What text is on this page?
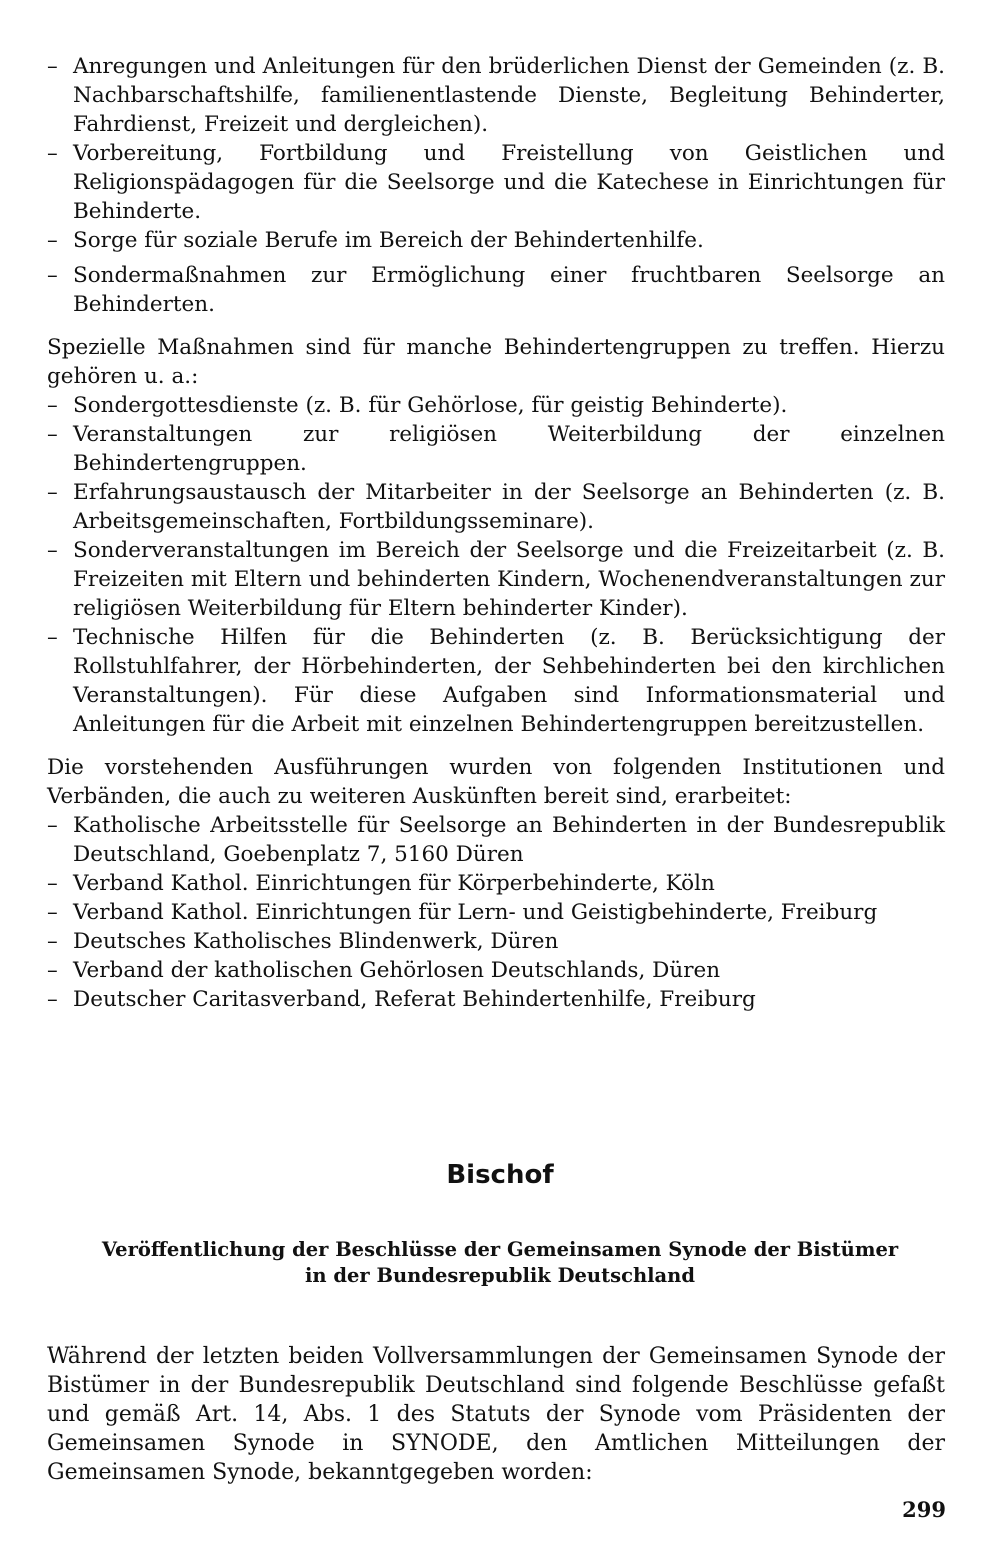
– Anregungen und Anleitungen für den brüderlichen Dienst der Gemeinden (z. B. Nachbarschaftshilfe, familienentlastende Dienste, Begleitung Behinderter, Fahrdienst, Freizeit und dergleichen).
– Vorbereitung, Fortbildung und Freistellung von Geistlichen und Religionspädagogen für die Seelsorge und die Katechese in Einrichtungen für Behinderte.
– Sorge für soziale Berufe im Bereich der Behindertenhilfe.
– Sondermaßnahmen zur Ermöglichung einer fruchtbaren Seelsorge an Behinderten.

Spezielle Maßnahmen sind für manche Behindertengruppen zu treffen. Hierzu gehören u. a.:

– Sondergottesdienste (z. B. für Gehörlose, für geistig Behinderte).
– Veranstaltungen zur religiösen Weiterbildung der einzelnen Behindertengruppen.
– Erfahrungsaustausch der Mitarbeiter in der Seelsorge an Behinderten (z. B. Arbeitsgemeinschaften, Fortbildungsseminare).
– Sonderveranstaltungen im Bereich der Seelsorge und die Freizeitarbeit (z. B. Freizeiten mit Eltern und behinderten Kindern, Wochenendveranstaltungen zur religiösen Weiterbildung für Eltern behinderter Kinder).
– Technische Hilfen für die Behinderten (z. B. Berücksichtigung der Rollstuhlfahrer, der Hörbehinderten, der Sehbehinderten bei den kirchlichen Veranstaltungen). Für diese Aufgaben sind Informationsmaterial und Anleitungen für die Arbeit mit einzelnen Behindertengruppen bereitzustellen.

Die vorstehenden Ausführungen wurden von folgenden Institutionen und Verbänden, die auch zu weiteren Auskünften bereit sind, erarbeitet:

– Katholische Arbeitsstelle für Seelsorge an Behinderten in der Bundesrepublik Deutschland, Goebenplatz 7, 5160 Düren
– Verband Kathol. Einrichtungen für Körperbehinderte, Köln
– Verband Kathol. Einrichtungen für Lern- und Geistigbehinderte, Freiburg
– Deutsches Katholisches Blindenwerk, Düren
– Verband der katholischen Gehörlosen Deutschlands, Düren
– Deutscher Caritasverband, Referat Behindertenhilfe, Freiburg
Bischof
Veröffentlichung der Beschlüsse der Gemeinsamen Synode der Bistümer
in der Bundesrepublik Deutschland

Während der letzten beiden Vollversammlungen der Gemeinsamen Synode der Bistümer in der Bundesrepublik Deutschland sind folgende Beschlüsse gefaßt und gemäß Art. 14, Abs. 1 des Statuts der Synode vom Präsidenten der Gemeinsamen Synode in SYNODE, den Amtlichen Mitteilungen der Gemeinsamen Synode, bekanntgegeben worden:

299
